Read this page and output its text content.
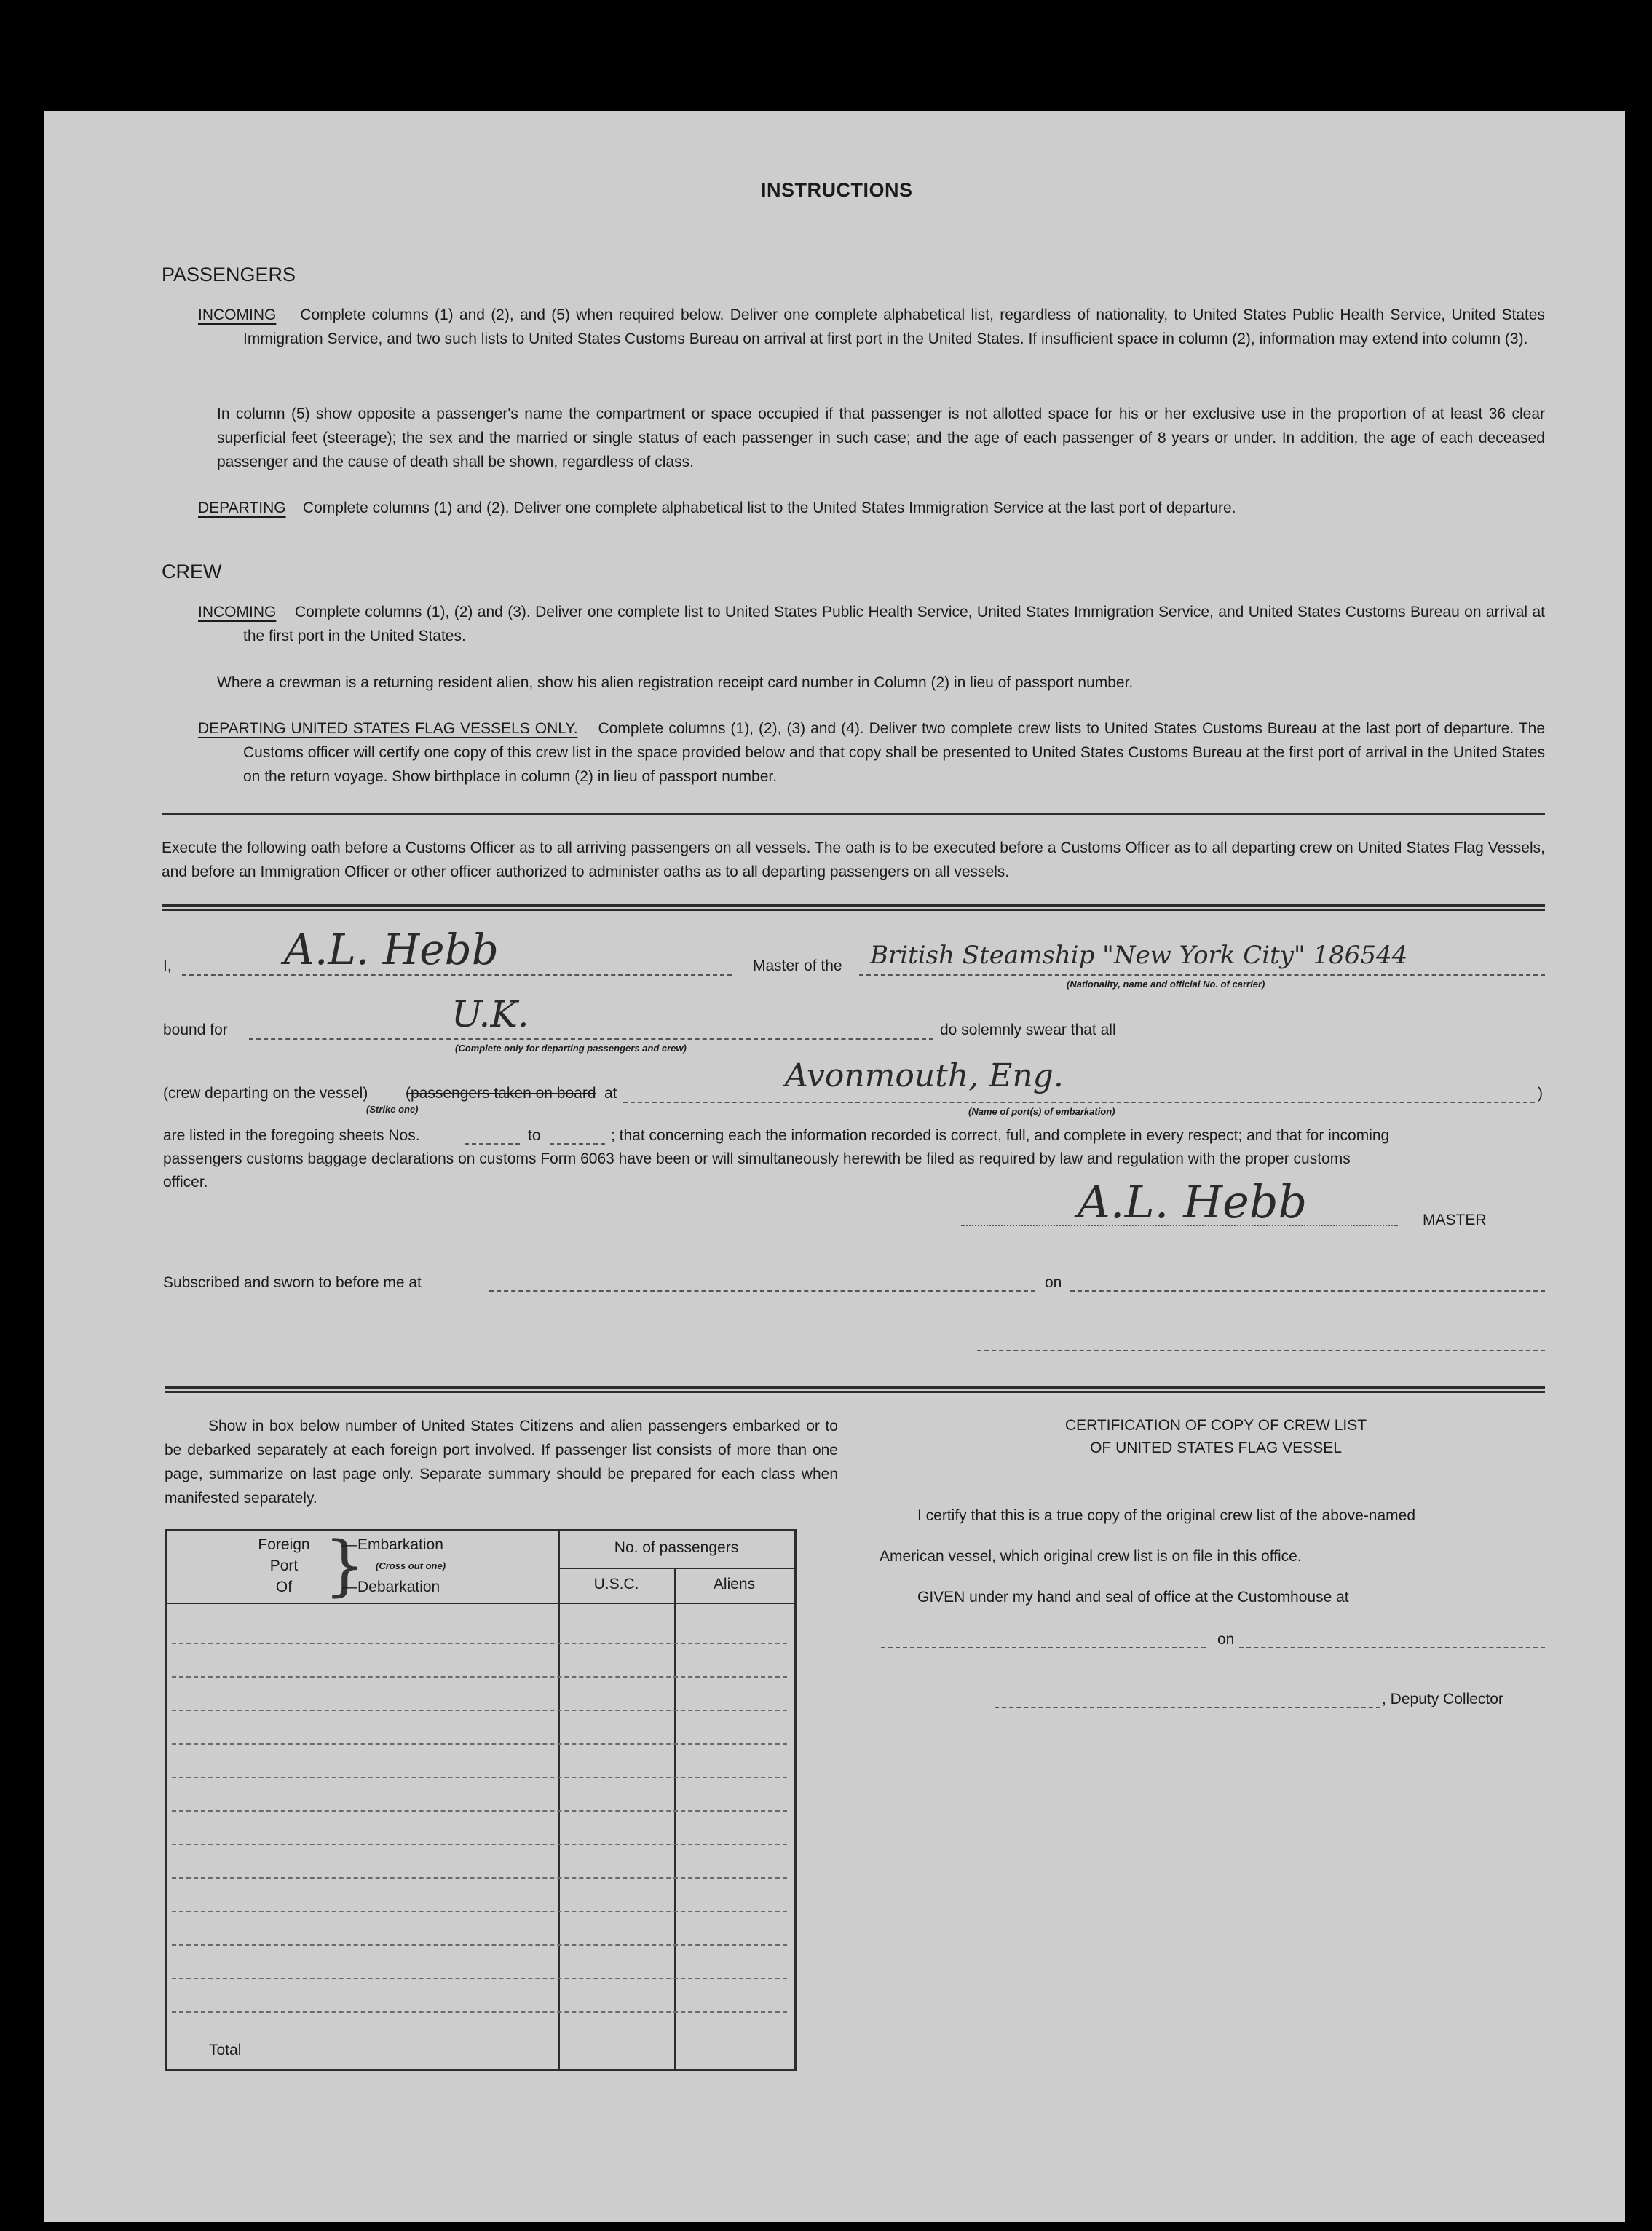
INSTRUCTIONS
PASSENGERS
INCOMING Complete columns (1) and (2), and (5) when required below. Deliver one complete alphabetical list, regardless of nationality, to United States Public Health Service, United States Immigration Service, and two such lists to United States Customs Bureau on arrival at first port in the United States. If insufficient space in column (2), information may extend into column (3).
In column (5) show opposite a passenger's name the compartment or space occupied if that passenger is not allotted space for his or her exclusive use in the proportion of at least 36 clear superficial feet (steerage); the sex and the married or single status of each passenger in such case; and the age of each passenger of 8 years or under. In addition, the age of each deceased passenger and the cause of death shall be shown, regardless of class.
DEPARTING Complete columns (1) and (2). Deliver one complete alphabetical list to the United States Immigration Service at the last port of departure.
CREW
INCOMING Complete columns (1), (2) and (3). Deliver one complete list to United States Public Health Service, United States Immigration Service, and United States Customs Bureau on arrival at the first port in the United States.
Where a crewman is a returning resident alien, show his alien registration receipt card number in Column (2) in lieu of passport number.
DEPARTING UNITED STATES FLAG VESSELS ONLY. Complete columns (1), (2), (3) and (4). Deliver two complete crew lists to United States Customs Bureau at the last port of departure. The Customs officer will certify one copy of this crew list in the space provided below and that copy shall be presented to United States Customs Bureau at the first port of arrival in the United States on the return voyage. Show birthplace in column (2) in lieu of passport number.
Execute the following oath before a Customs Officer as to all arriving passengers on all vessels. The oath is to be executed before a Customs Officer as to all departing crew on United States Flag Vessels, and before an Immigration Officer or other officer authorized to administer oaths as to all departing passengers on all vessels.
I,	A.L. Hebb	Master of the British Steamship "New York City" 186544
(Nationality, name and official No. of carrier)
bound for	U.K.
(Complete only for departing passengers and crew)
do solemnly swear that all
(crew departing on the vessel) (passengers taken on board at
(Strike one)
Avonmouth, Eng.
(Name of port(s) of embarkation)
)
are listed in the foregoing sheets Nos.	to	; that concerning each the information recorded is correct, full, and complete in every respect; and that for incoming
passengers customs baggage declarations on customs Form 6063 have been or will simultaneously herewith be filed as required by law and regulation with the proper customs
officer.	A.L. Hebb	MASTER
Subscribed and sworn to before me at	on
Show in box below number of United States Citizens and alien passengers embarked or to be debarked separately at each foreign port involved. If passenger list consists of more than one page, summarize on last page only. Separate summary should be prepared for each class when manifested separately.
Foreign
Port
Of }
—Embarkation
(Cross out one)
—Debarkation
No. of passengers
U.S.C.	Aliens
Total
CERTIFICATION OF COPY OF CREW LIST
OF UNITED STATES FLAG VESSEL
I certify that this is a true copy of the original crew list of the above-named
American vessel, which original crew list is on file in this office.
GIVEN under my hand and seal of office at the Customhouse at
on
, Deputy Collector
